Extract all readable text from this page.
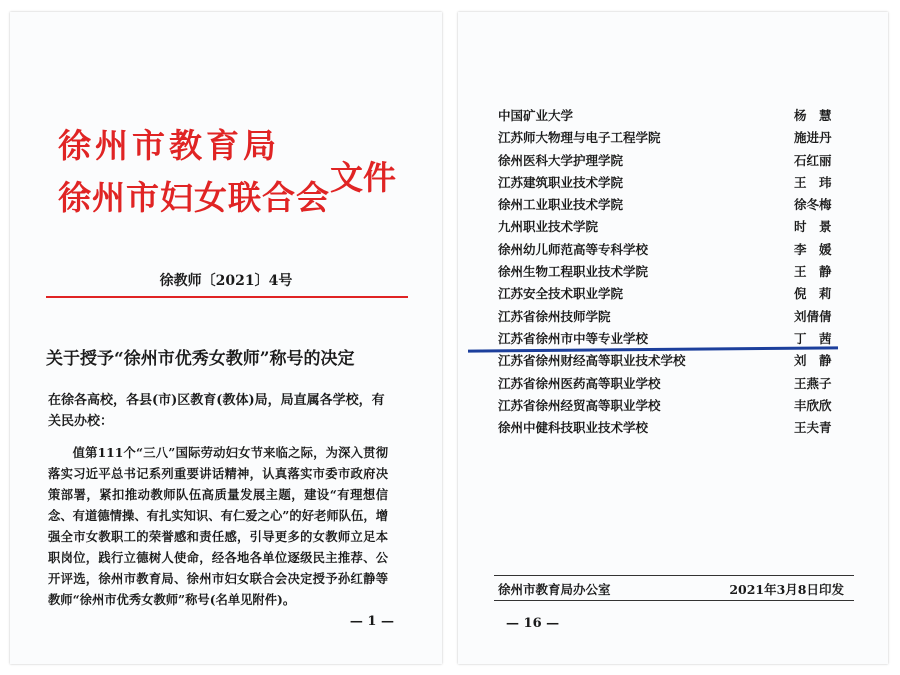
徐州市教育局
徐州市妇女联合会
文件
徐教师〔2021〕4号
关于授予“徐州市优秀女教师”称号的决定
在徐各高校，各县(市)区教育(教体)局，局直属各学校，有关民办校：
值第111个“三八”国际劳动妇女节来临之际，为深入贯彻落实习近平总书记系列重要讲话精神，认真落实市委市政府决策部署，紧扣推动教师队伍高质量发展主题，建设“有理想信念、有道德情操、有扎实知识、有仁爱之心”的好老师队伍，增强全市女教职工的荣誉感和责任感，引导更多的女教师立足本职岗位，践行立德树人使命，经各地各单位逐级民主推荐、公开评选，徐州市教育局、徐州市妇女联合会决定授予孙红静等教师“徐州市优秀女教师”称号(名单见附件)。
— 1 —
中国矿业大学	杨　慧
江苏师大物理与电子工程学院	施进丹
徐州医科大学护理学院	石红丽
江苏建筑职业技术学院	王　玮
徐州工业职业技术学院	徐冬梅
九州职业技术学院	时　景
徐州幼儿师范高等专科学校	李　媛
徐州生物工程职业技术学院	王　静
江苏安全技术职业学院	倪　莉
江苏省徐州技师学院	刘倩倩
江苏省徐州市中等专业学校	丁　茜
江苏省徐州财经高等职业技术学校	刘　静
江苏省徐州医药高等职业学校	王燕子
江苏省徐州经贸高等职业学校	丰欣欣
徐州中健科技职业技术学校	王夫青
徐州市教育局办公室	2021年3月8日印发
— 16 —
